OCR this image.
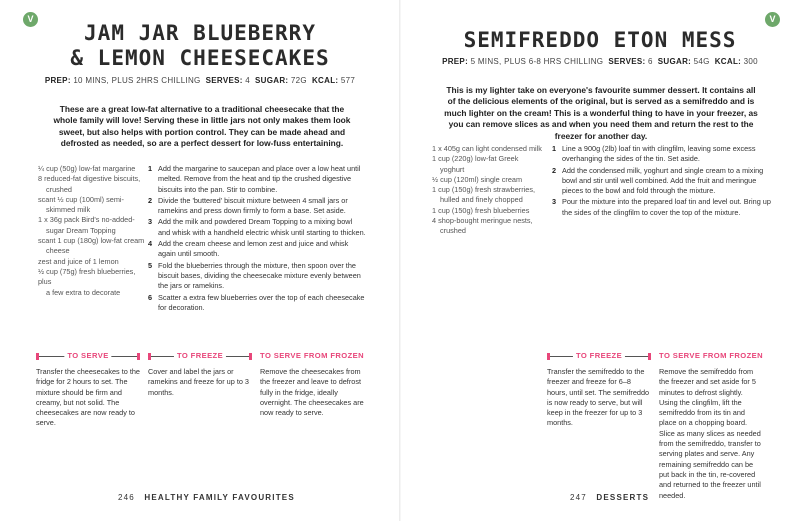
V
JAM JAR BLUEBERRY
& LEMON CHEESECAKES
PREP: 10 MINS, PLUS 2HRS CHILLING SERVES: 4 SUGAR: 72G KCAL: 577
These are a great low-fat alternative to a traditional cheesecake that the whole family will love! Serving these in little jars not only makes them look sweet, but also helps with portion control. They can be made ahead and defrosted as needed, so are a perfect dessert for low-fuss entertaining.
¼ cup (50g) low-fat margarine
8 reduced-fat digestive biscuits,
crushed
scant ½ cup (100ml) semi-
skimmed milk
1 x 36g pack Bird's no-added-
sugar Dream Topping
scant 1 cup (180g) low-fat cream
cheese
zest and juice of 1 lemon
½ cup (75g) fresh blueberries, plus
a few extra to decorate
1 Add the margarine to saucepan and place over a low heat until melted. Remove from the heat and tip the crushed digestive biscuits into the pan. Stir to combine.
2 Divide the 'buttered' biscuit mixture between 4 small jars or ramekins and press down firmly to form a base. Set aside.
3 Add the milk and powdered Dream Topping to a mixing bowl and whisk with a handheld electric whisk until starting to thicken.
4 Add the cream cheese and lemon zest and juice and whisk again until smooth.
5 Fold the blueberries through the mixture, then spoon over the biscuit bases, dividing the cheesecake mixture evenly between the jars or ramekins.
6 Scatter a extra few blueberries over the top of each cheesecake for decoration.
TO SERVE
Transfer the cheesecakes to the fridge for 2 hours to set. The mixture should be firm and creamy, but not solid. The cheesecakes are now ready to serve.
TO FREEZE
Cover and label the jars or ramekins and freeze for up to 3 months.
TO SERVE FROM FROZEN
Remove the cheesecakes from the freezer and leave to defrost fully in the fridge, ideally overnight. The cheesecakes are now ready to serve.
246 HEALTHY FAMILY FAVOURITES
V
SEMIFREDDO ETON MESS
PREP: 5 MINS, PLUS 6-8 HRS CHILLING SERVES: 6 SUGAR: 54G KCAL: 300
This is my lighter take on everyone's favourite summer dessert. It contains all of the delicious elements of the original, but is served as a semifreddo and is much lighter on the cream! This is a wonderful thing to have in your freezer, as you can remove slices as and when you need them and return the rest to the freezer for another day.
1 x 405g can light condensed milk
1 cup (220g) low-fat Greek
yoghurt
½ cup (120ml) single cream
1 cup (150g) fresh strawberries,
hulled and finely chopped
1 cup (150g) fresh blueberries
4 shop-bought meringue nests,
crushed
1 Line a 900g (2lb) loaf tin with clingfilm, leaving some excess overhanging the sides of the tin. Set aside.
2 Add the condensed milk, yoghurt and single cream to a mixing bowl and stir until well combined. Add the fruit and meringue pieces to the bowl and fold through the mixture.
3 Pour the mixture into the prepared loaf tin and level out. Bring up the sides of the clingfilm to cover the top of the mixture.
TO FREEZE
Transfer the semifreddo to the freezer and freeze for 6–8 hours, until set. The semifreddo is now ready to serve, but will keep in the freezer for up to 3 months.
TO SERVE FROM FROZEN
Remove the semifreddo from the freezer and set aside for 5 minutes to defrost slightly. Using the clingfilm, lift the semifreddo from its tin and place on a chopping board. Slice as many slices as needed from the semifreddo, transfer to serving plates and serve. Any remaining semifreddo can be put back in the tin, re-covered and returned to the freezer until needed.
247 DESSERTS
